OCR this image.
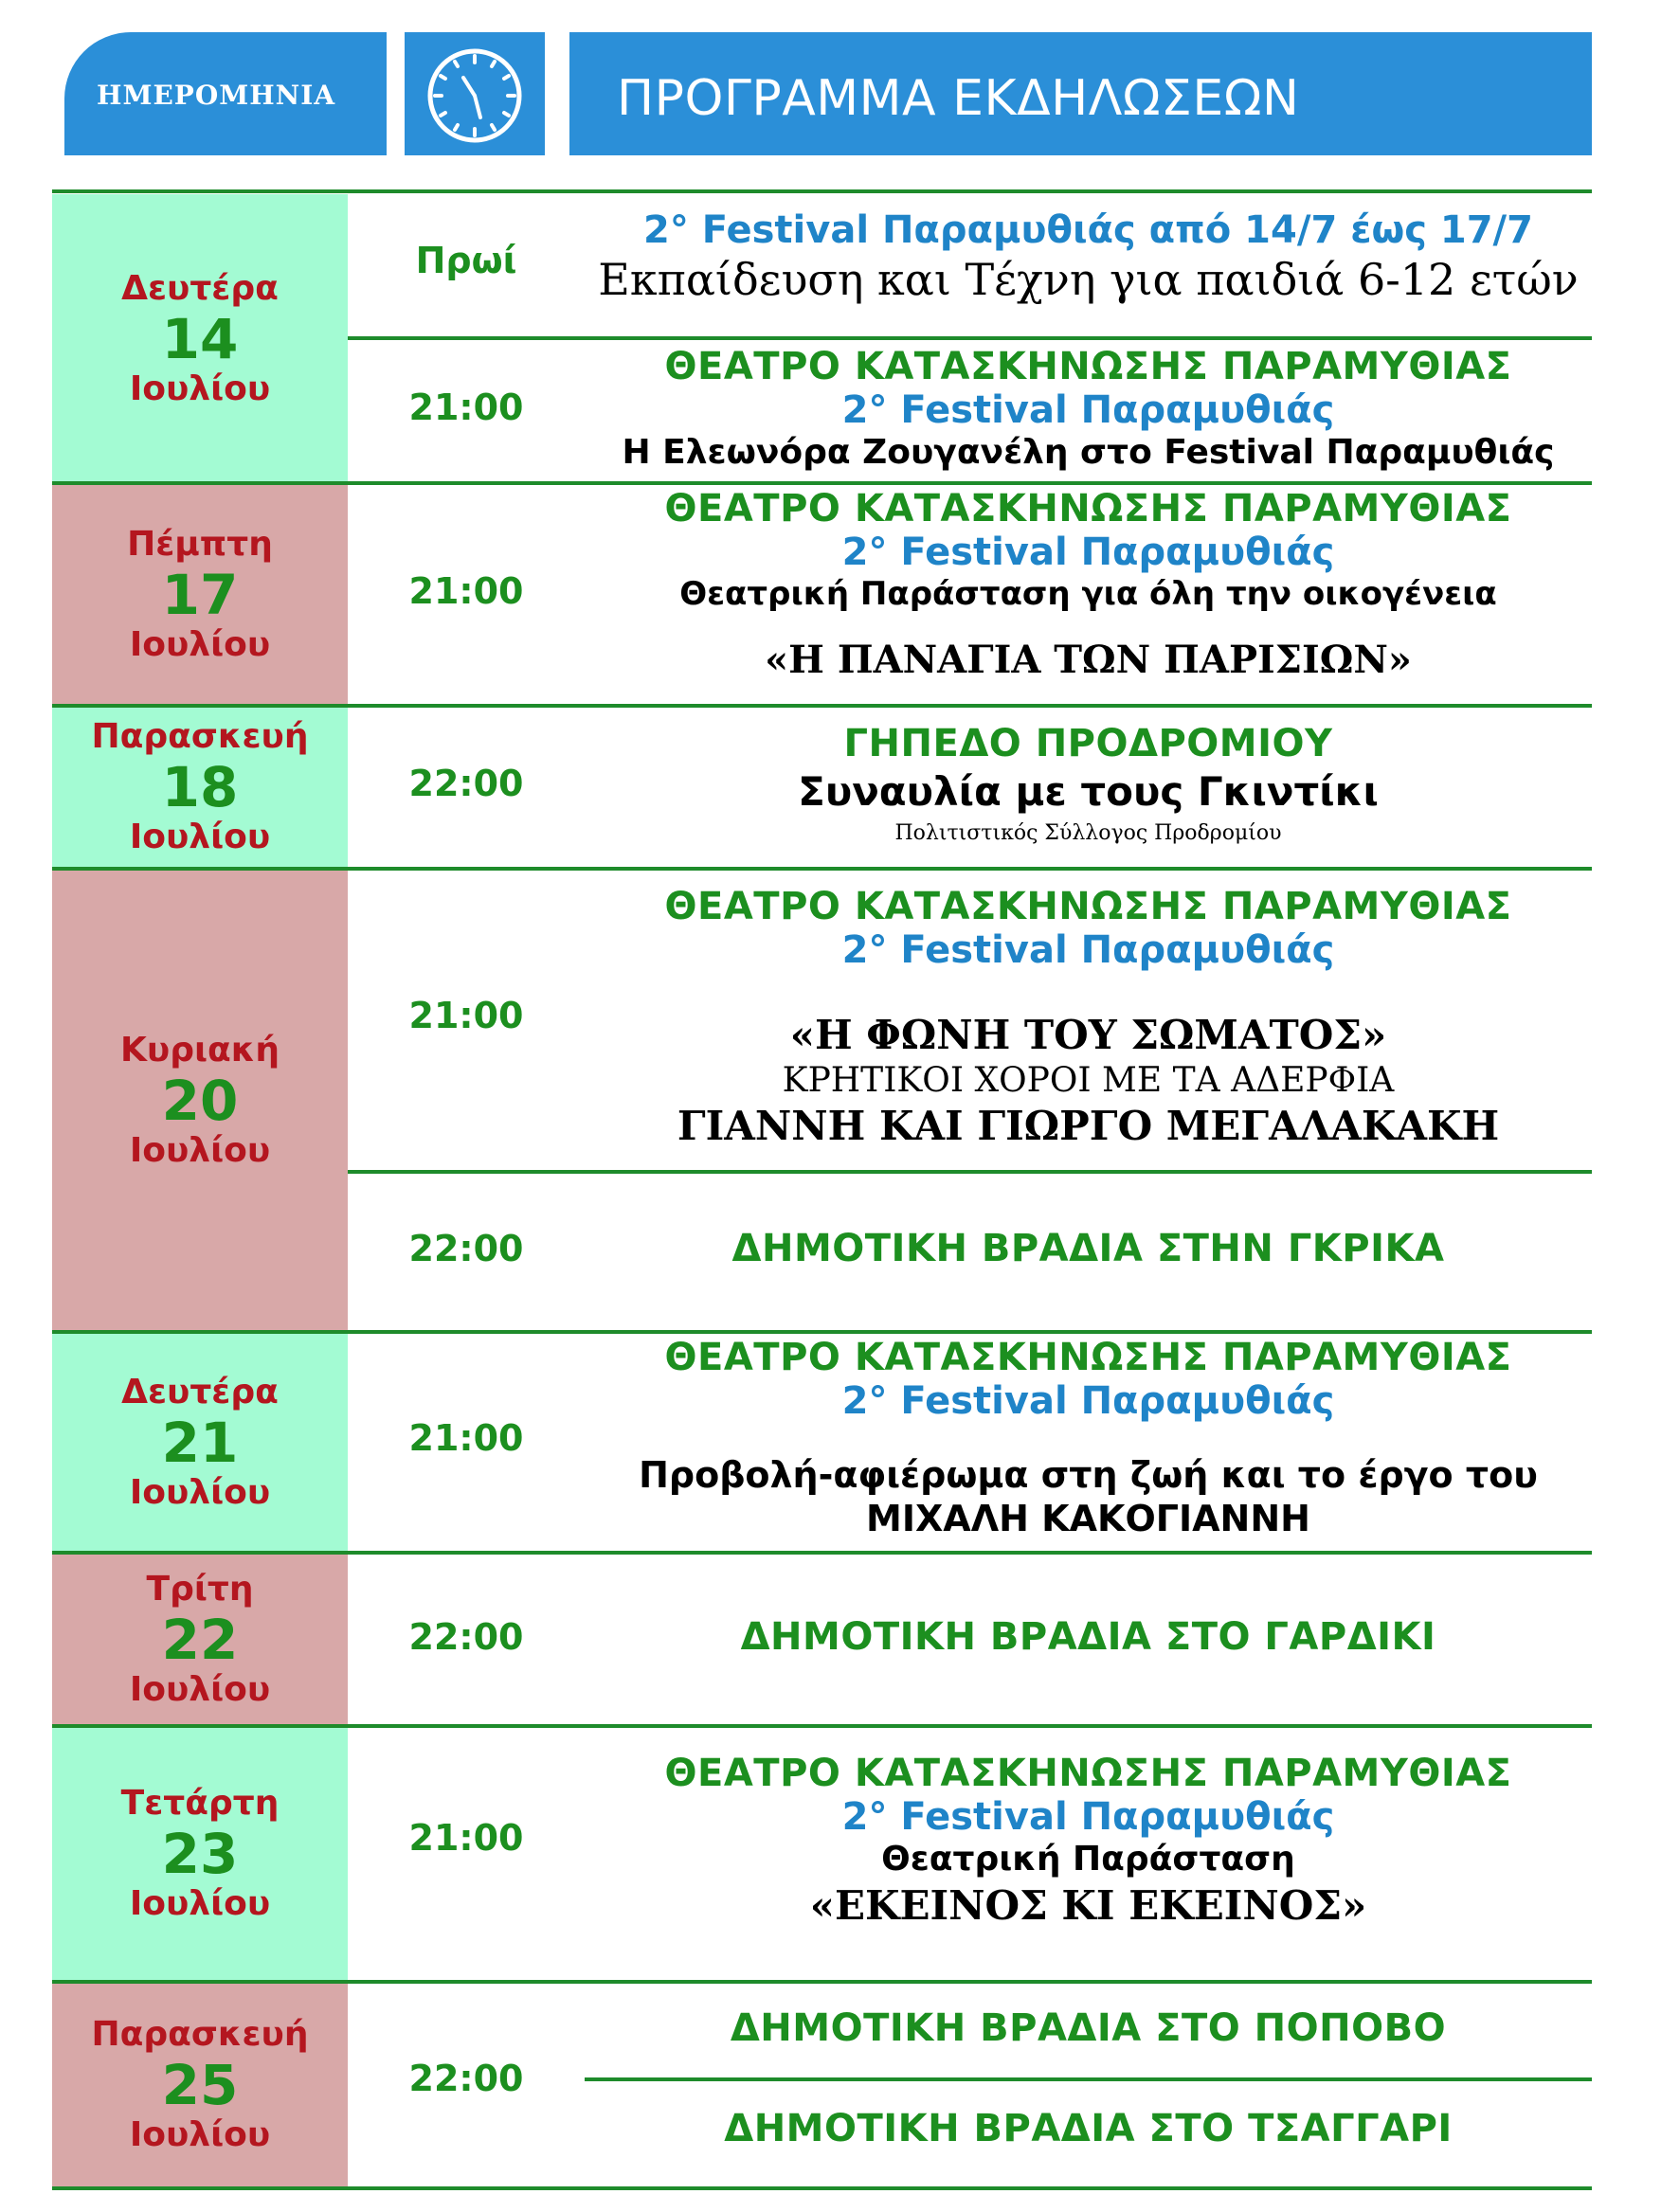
ΗΜΕΡΟΜΗΝΙΑ	ΠΡΟΓΡΑΜΜΑ ΕΚΔΗΛΩΣΕΩΝ
Δευτέρα
14
Ιουλίου
Πέμπτη
17
Ιουλίου
Παρασκευή
18
Ιουλίου
Κυριακή
20
Ιουλίου
Δευτέρα
21
Ιουλίου
Τρίτη
22
Ιουλίου
Τετάρτη
23
Ιουλίου
Παρασκευή
25
Ιουλίου
Πρωί
21:00
21:00
22:00
21:00
22:00
21:00
22:00
21:00
22:00
2° Festival Παραμυθιάς από 14/7 έως 17/7
Εκπαίδευση και Τέχνη για παιδιά 6-12 ετών
ΘΕΑΤΡΟ ΚΑΤΑΣΚΗΝΩΣΗΣ ΠΑΡΑΜΥΘΙΑΣ
2° Festival Παραμυθιάς
Η Ελεωνόρα Ζουγανέλη στο Festival Παραμυθιάς
ΘΕΑΤΡΟ ΚΑΤΑΣΚΗΝΩΣΗΣ ΠΑΡΑΜΥΘΙΑΣ
2° Festival Παραμυθιάς
Θεατρική Παράσταση για όλη την οικογένεια
«Η ΠΑΝΑΓΙΑ ΤΩΝ ΠΑΡΙΣΙΩΝ»
ΓΗΠΕΔΟ ΠΡΟΔΡΟΜΙΟΥ
Συναυλία με τους Γκιντίκι
Πολιτιστικός Σύλλογος Προδρομίου
ΘΕΑΤΡΟ ΚΑΤΑΣΚΗΝΩΣΗΣ ΠΑΡΑΜΥΘΙΑΣ
2° Festival Παραμυθιάς
«Η ΦΩΝΗ ΤΟΥ ΣΩΜΑΤΟΣ»
ΚΡΗΤΙΚΟΙ ΧΟΡΟΙ ΜΕ ΤΑ ΑΔΕΡΦΙΑ
ΓΙΑΝΝΗ ΚΑΙ ΓΙΩΡΓΟ ΜΕΓΑΛΑΚΑΚΗ
ΔΗΜΟΤΙΚΗ ΒΡΑΔΙΑ ΣΤΗΝ ΓΚΡΙΚΑ
ΘΕΑΤΡΟ ΚΑΤΑΣΚΗΝΩΣΗΣ ΠΑΡΑΜΥΘΙΑΣ
2° Festival Παραμυθιάς
Προβολή-αφιέρωμα στη ζωή και το έργο του
ΜΙΧΑΛΗ ΚΑΚΟΓΙΑΝΝΗ
ΔΗΜΟΤΙΚΗ ΒΡΑΔΙΑ ΣΤΟ ΓΑΡΔΙΚΙ
ΘΕΑΤΡΟ ΚΑΤΑΣΚΗΝΩΣΗΣ ΠΑΡΑΜΥΘΙΑΣ
2° Festival Παραμυθιάς
Θεατρική Παράσταση
«ΕΚΕΙΝΟΣ ΚΙ ΕΚΕΙΝΟΣ»
ΔΗΜΟΤΙΚΗ ΒΡΑΔΙΑ ΣΤΟ ΠΟΠΟΒΟ
ΔΗΜΟΤΙΚΗ ΒΡΑΔΙΑ ΣΤΟ ΤΣΑΓΓΑΡΙ
